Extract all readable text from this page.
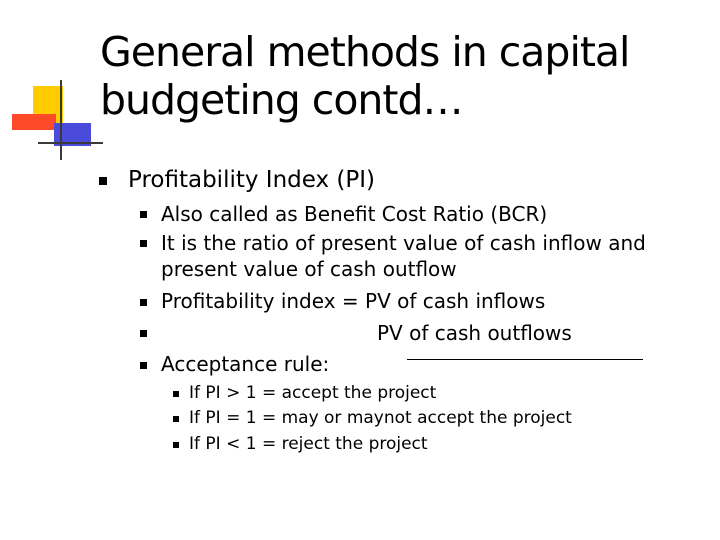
General methods in capital
budgeting contd…
Profitability Index (PI)
Also called as Benefit Cost Ratio (BCR)
It is the ratio of present value of cash inflow and
present value of cash outflow
Profitability index = PV of cash inflows
PV of cash outflows
Acceptance rule:
If PI > 1 = accept the project
If PI = 1 = may or maynot accept the project
If PI < 1 = reject the project
